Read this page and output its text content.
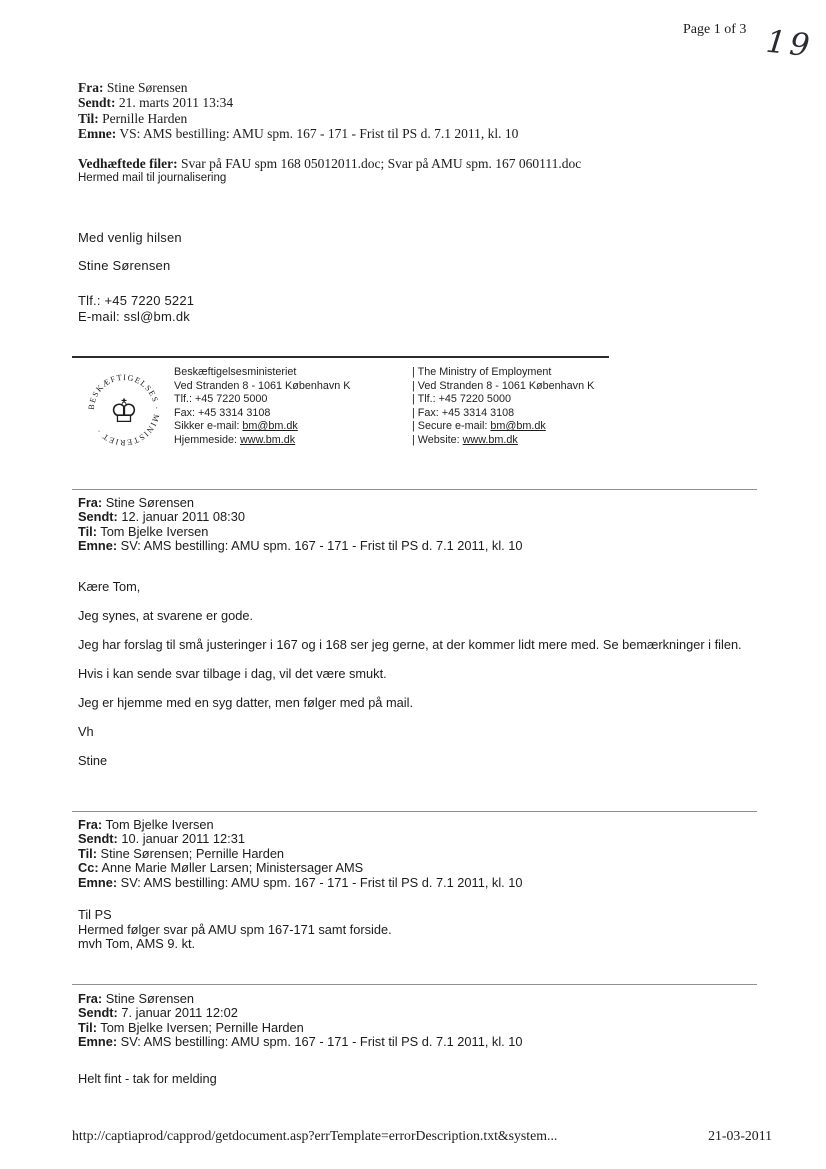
Page 1 of 3 19
Fra: Stine Sørensen
Sendt: 21. marts 2011 13:34
Til: Pernille Harden
Emne: VS: AMS bestilling: AMU spm. 167 - 171 - Frist til PS d. 7.1 2011, kl. 10
Vedhæftede filer: Svar på FAU spm 168 05012011.doc; Svar på AMU spm. 167 060111.doc
Hermed mail til journalisering
Med venlig hilsen
Stine Sørensen
Tlf.: +45 7220 5221
E-mail: ssl@bm.dk
BESKÆFTIGELSES · MINISTERIET ·
♔
Beskæftigelsesministeriet
Ved Stranden 8 - 1061 København K
Tlf.: +45 7220 5000
Fax: +45 3314 3108
Sikker e-mail: bm@bm.dk
Hjemmeside: www.bm.dk
| The Ministry of Employment
| Ved Stranden 8 - 1061 København K
| Tlf.: +45 7220 5000
| Fax: +45 3314 3108
| Secure e-mail: bm@bm.dk
| Website: www.bm.dk
Fra: Stine Sørensen
Sendt: 12. januar 2011 08:30
Til: Tom Bjelke Iversen
Emne: SV: AMS bestilling: AMU spm. 167 - 171 - Frist til PS d. 7.1 2011, kl. 10

Kære Tom,

Jeg synes, at svarene er gode.

Jeg har forslag til små justeringer i 167 og i 168 ser jeg gerne, at der kommer lidt mere med. Se bemærkninger i filen.

Hvis i kan sende svar tilbage i dag, vil det være smukt.

Jeg er hjemme med en syg datter, men følger med på mail.

Vh

Stine

Fra: Tom Bjelke Iversen
Sendt: 10. januar 2011 12:31
Til: Stine Sørensen; Pernille Harden
Cc: Anne Marie Møller Larsen; Ministersager AMS
Emne: SV: AMS bestilling: AMU spm. 167 - 171 - Frist til PS d. 7.1 2011, kl. 10

Til PS

Hermed følger svar på AMU spm 167-171 samt forside.

mvh Tom, AMS 9. kt.

Fra: Stine Sørensen
Sendt: 7. januar 2011 12:02
Til: Tom Bjelke Iversen; Pernille Harden
Emne: SV: AMS bestilling: AMU spm. 167 - 171 - Frist til PS d. 7.1 2011, kl. 10

Helt fint - tak for melding

http://captiaprod/capprod/getdocument.asp?errTemplate=errorDescription.txt&system...	21-03-2011
